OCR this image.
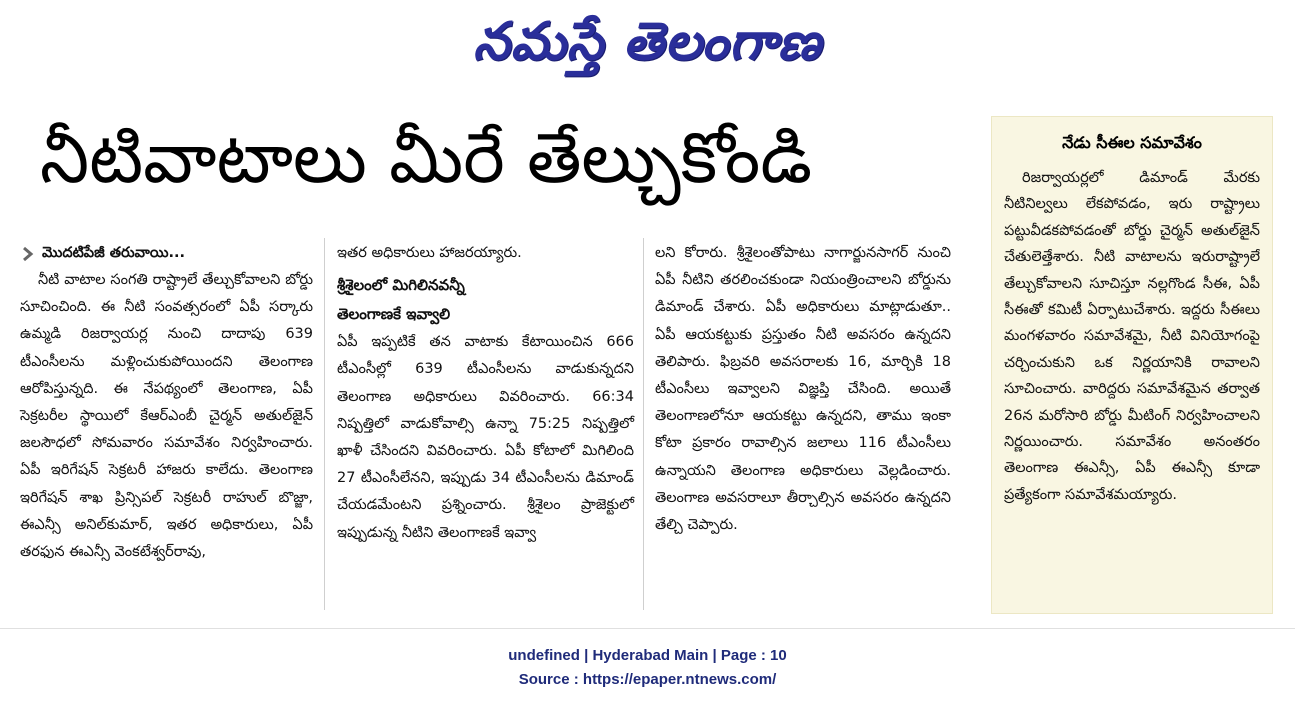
నమస్తే తెలంగాణ
నీటివాటాలు మీరే తేల్చుకోండి
మొదటిపేజీ తరువాయి...

నీటి వాటాల సంగతి రాష్ట్రాలే తేల్చుకోవాలని బోర్డు సూచించింది. ఈ నీటి సంవత్సరంలో ఏపీ సర్కారు ఉమ్మడి రిజర్వాయర్ల నుంచి దాదాపు 639 టీఎంసీలను మళ్లించుకుపోయిందని తెలంగాణ ఆరోపిస్తున్నది. ఈ నేపథ్యంలో తెలంగాణ, ఏపీ సెక్రటరీల స్థాయిలో కేఆర్‌ఎంబీ చైర్మన్ అతుల్‌జైన్ జలసౌధలో సోమవారం సమావేశం నిర్వహించారు. ఏపీ ఇరిగేషన్ సెక్రటరీ హాజరు కాలేదు. తెలంగాణ ఇరిగేషన్ శాఖ ప్రిన్సిపల్ సెక్రటరీ రాహుల్ బొజ్జా, ఈఎన్సీ అనిల్‌కుమార్, ఇతర అధికారులు, ఏపీ తరఫున ఈఎన్సీ వెంకటేశ్వర్‌రావు,

ఇతర అధికారులు హాజరయ్యారు.

శ్రీశైలంలో మిగిలినవన్నీ
తెలంగాణకే ఇవ్వాలి

ఏపీ ఇప్పటికే తన వాటాకు కేటాయించిన 666 టీఎంసీల్లో 639 టీఎంసీలను వాడుకున్నదని తెలంగాణ అధికారులు వివరించారు. 66:34 నిష్పత్తిలో వాడుకోవాల్సి ఉన్నా 75:25 నిష్పత్తిలో ఖాళీ చేసిందని వివరించారు. ఏపీ కోటాలో మిగిలింది 27 టీఎంసీలేనని, ఇప్పుడు 34 టీఎంసీలను డిమాండ్ చేయడమేంటని ప్రశ్నించారు. శ్రీశైలం ప్రాజెక్టులో ఇప్పుడున్న నీటిని తెలంగాణకే ఇవ్వా

లని కోరారు. శ్రీశైలంతోపాటు నాగార్జునసాగర్ నుంచి ఏపీ నీటిని తరలించకుండా నియంత్రించాలని బోర్డును డిమాండ్ చేశారు. ఏపీ అధికారులు మాట్లాడుతూ.. ఏపీ ఆయకట్టుకు ప్రస్తుతం నీటి అవసరం ఉన్నదని తెలిపారు. ఫిబ్రవరి అవసరాలకు 16, మార్చికి 18 టీఎంసీలు ఇవ్వాలని విజ్ఞప్తి చేసింది. అయితే తెలంగాణలోనూ ఆయకట్టు ఉన్నదని, తాము ఇంకా కోటా ప్రకారం రావాల్సిన జలాలు 116 టీఎంసీలు ఉన్నాయని తెలంగాణ అధికారులు వెల్లడించారు. తెలంగాణ అవసరాలూ తీర్చాల్సిన అవసరం ఉన్నదని తేల్చి చెప్పారు.

నేడు సీఈల సమావేశం

రిజర్వాయర్లలో డిమాండ్ మేరకు నీటినిల్వలు లేకపోవడం, ఇరు రాష్ట్రాలు పట్టువీడకపోవడంతో బోర్డు చైర్మన్ అతుల్‌జైన్ చేతులెత్తేశారు. నీటి వాటాలను ఇరురాష్ట్రాలే తేల్చుకోవాలని సూచిస్తూ నల్లగొండ సీఈ, ఏపీ సీఈతో కమిటీ ఏర్పాటుచేశారు. ఇద్దరు సీఈలు మంగళవారం సమావేశమై, నీటి వినియోగంపై చర్చించుకుని ఒక నిర్ణయానికి రావాలని సూచించారు. వారిద్దరు సమావేశమైన తర్వాత 26న మరోసారి బోర్డు మీటింగ్ నిర్వహించాలని నిర్ణయించారు. సమావేశం అనంతరం తెలంగాణ ఈఎన్సీ, ఏపీ ఈఎన్సీ కూడా ప్రత్యేకంగా సమావేశమయ్యారు.

undefined | Hyderabad Main | Page : 10
Source : https://epaper.ntnews.com/
